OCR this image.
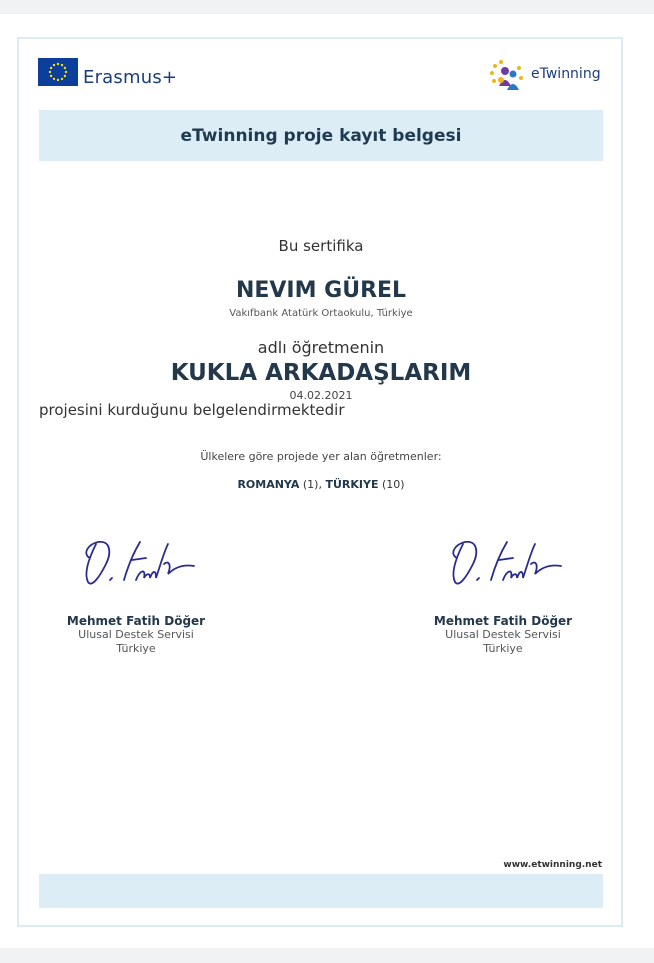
Erasmus+	eTwinning
eTwinning proje kayıt belgesi
Bu sertifika
NEVIM GÜREL
Vakıfbank Atatürk Ortaokulu, Türkiye
adlı öğretmenin
KUKLA ARKADAŞLARIM
04.02.2021
projesini kurduğunu belgelendirmektedir
Ülkelere göre projede yer alan öğretmenler:
ROMANYA (1), TÜRKIYE (10)
Mehmet Fatih Döğer
Ulusal Destek Servisi
Türkiye
Mehmet Fatih Döğer
Ulusal Destek Servisi
Türkiye
www.etwinning.net
